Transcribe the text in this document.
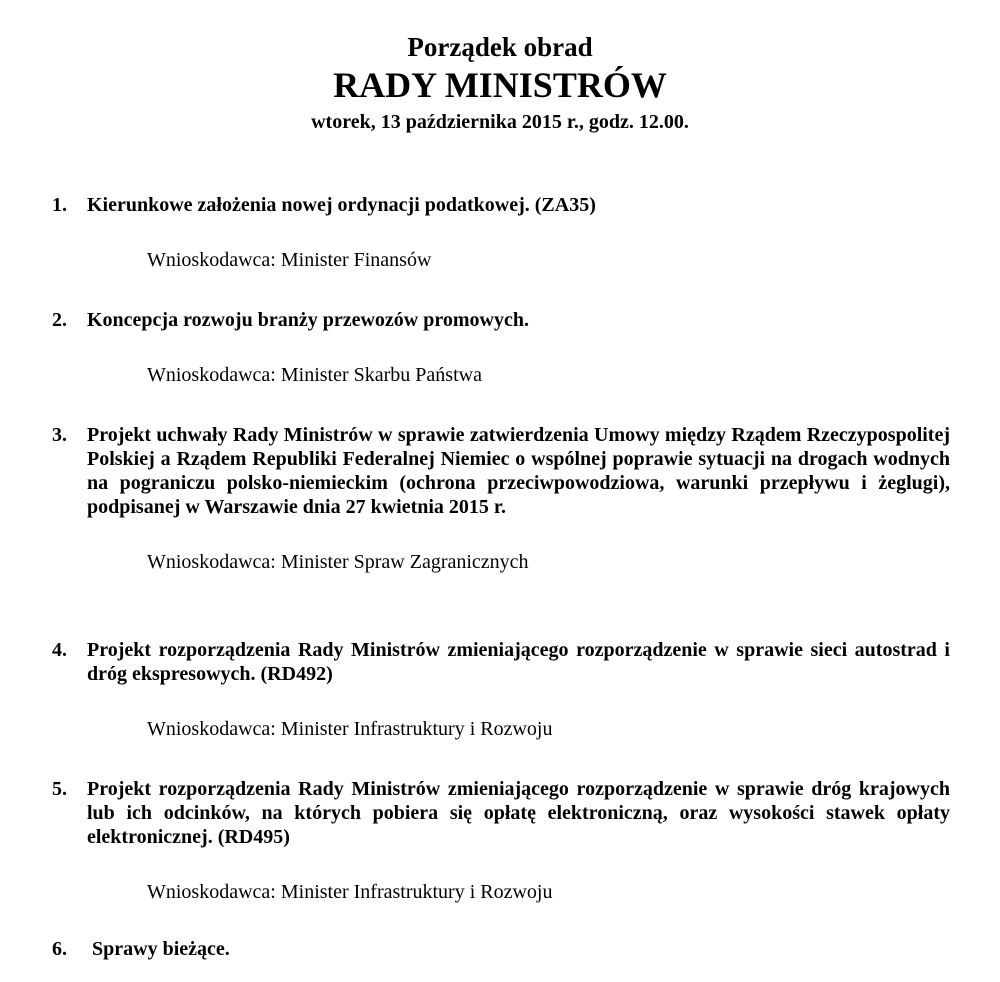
Porządek obrad
RADY MINISTRÓW
wtorek, 13 października 2015 r., godz. 12.00.
1.	Kierunkowe założenia nowej ordynacji podatkowej. (ZA35)
Wnioskodawca: Minister Finansów
2.	Koncepcja rozwoju branży przewozów promowych.
Wnioskodawca: Minister Skarbu Państwa
3.	Projekt uchwały Rady Ministrów w sprawie zatwierdzenia Umowy między Rządem Rzeczypospolitej Polskiej a Rządem Republiki Federalnej Niemiec o wspólnej poprawie sytuacji na drogach wodnych na pograniczu polsko-niemieckim (ochrona przeciwpowodziowa, warunki przepływu i żeglugi), podpisanej w Warszawie dnia 27 kwietnia 2015 r.
Wnioskodawca: Minister Spraw Zagranicznych
4.	Projekt rozporządzenia Rady Ministrów zmieniającego rozporządzenie w sprawie sieci autostrad i dróg ekspresowych. (RD492)
Wnioskodawca: Minister Infrastruktury i Rozwoju
5.	Projekt rozporządzenia Rady Ministrów zmieniającego rozporządzenie w sprawie dróg krajowych lub ich odcinków, na których pobiera się opłatę elektroniczną, oraz wysokości stawek opłaty elektronicznej. (RD495)
Wnioskodawca: Minister Infrastruktury i Rozwoju
6.	Sprawy bieżące.
